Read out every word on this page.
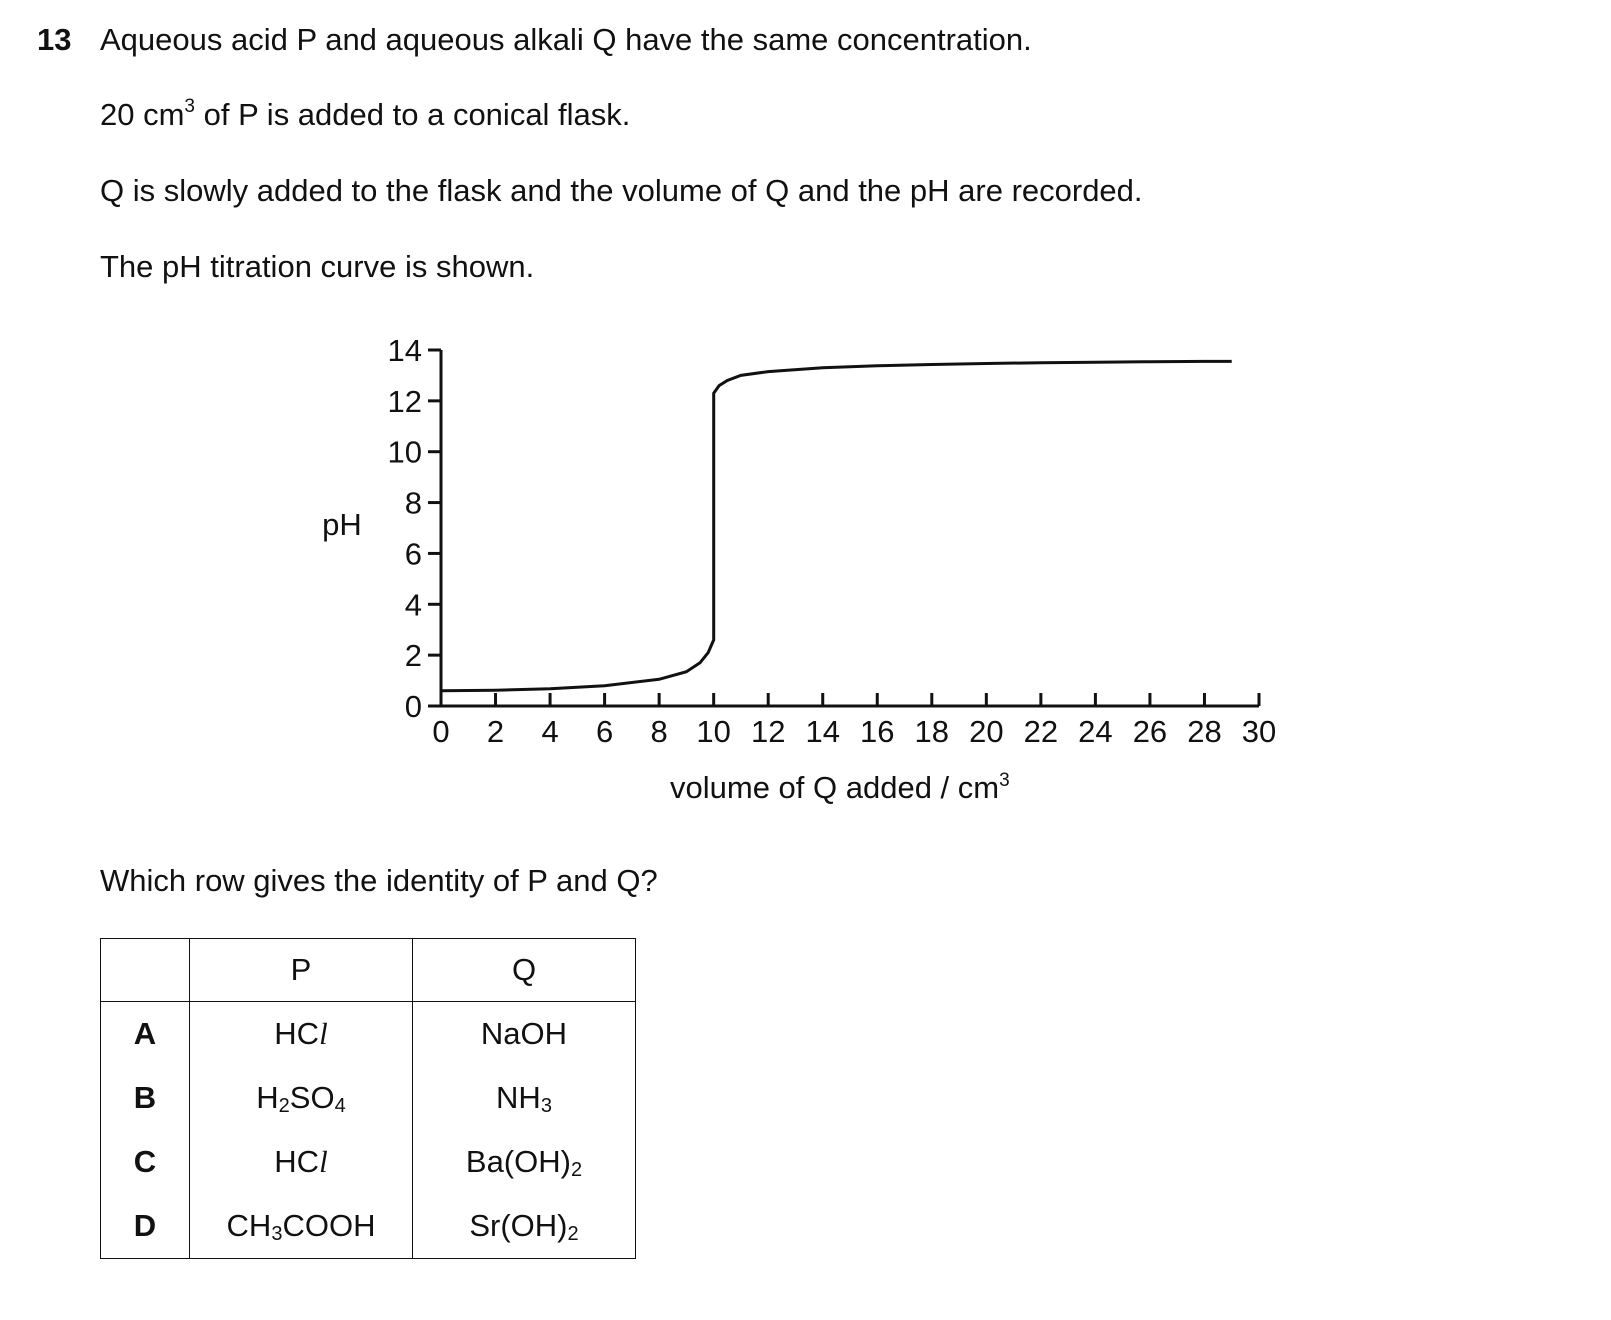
13 Aqueous acid P and aqueous alkali Q have the same concentration.
20 $cm^3$ of P is added to a conical flask.
Q is slowly added to the flask and the volume of Q and the pH are recorded.
The pH titration curve is shown.
0
2
4
6
8
10
12
14
0 2 4 6 8 10 12 14 16 18 20 22 24 26 28 30
pH
volume of Q added / $cm^3$
Which row gives the identity of P and Q?
	P	Q
A	HCl	NaOH
B	$H_2SO_4$	$NH_3$
C	HCl	$Ba(OH)_2$
D	$CH_3COOH$	$Sr(OH)_2$
